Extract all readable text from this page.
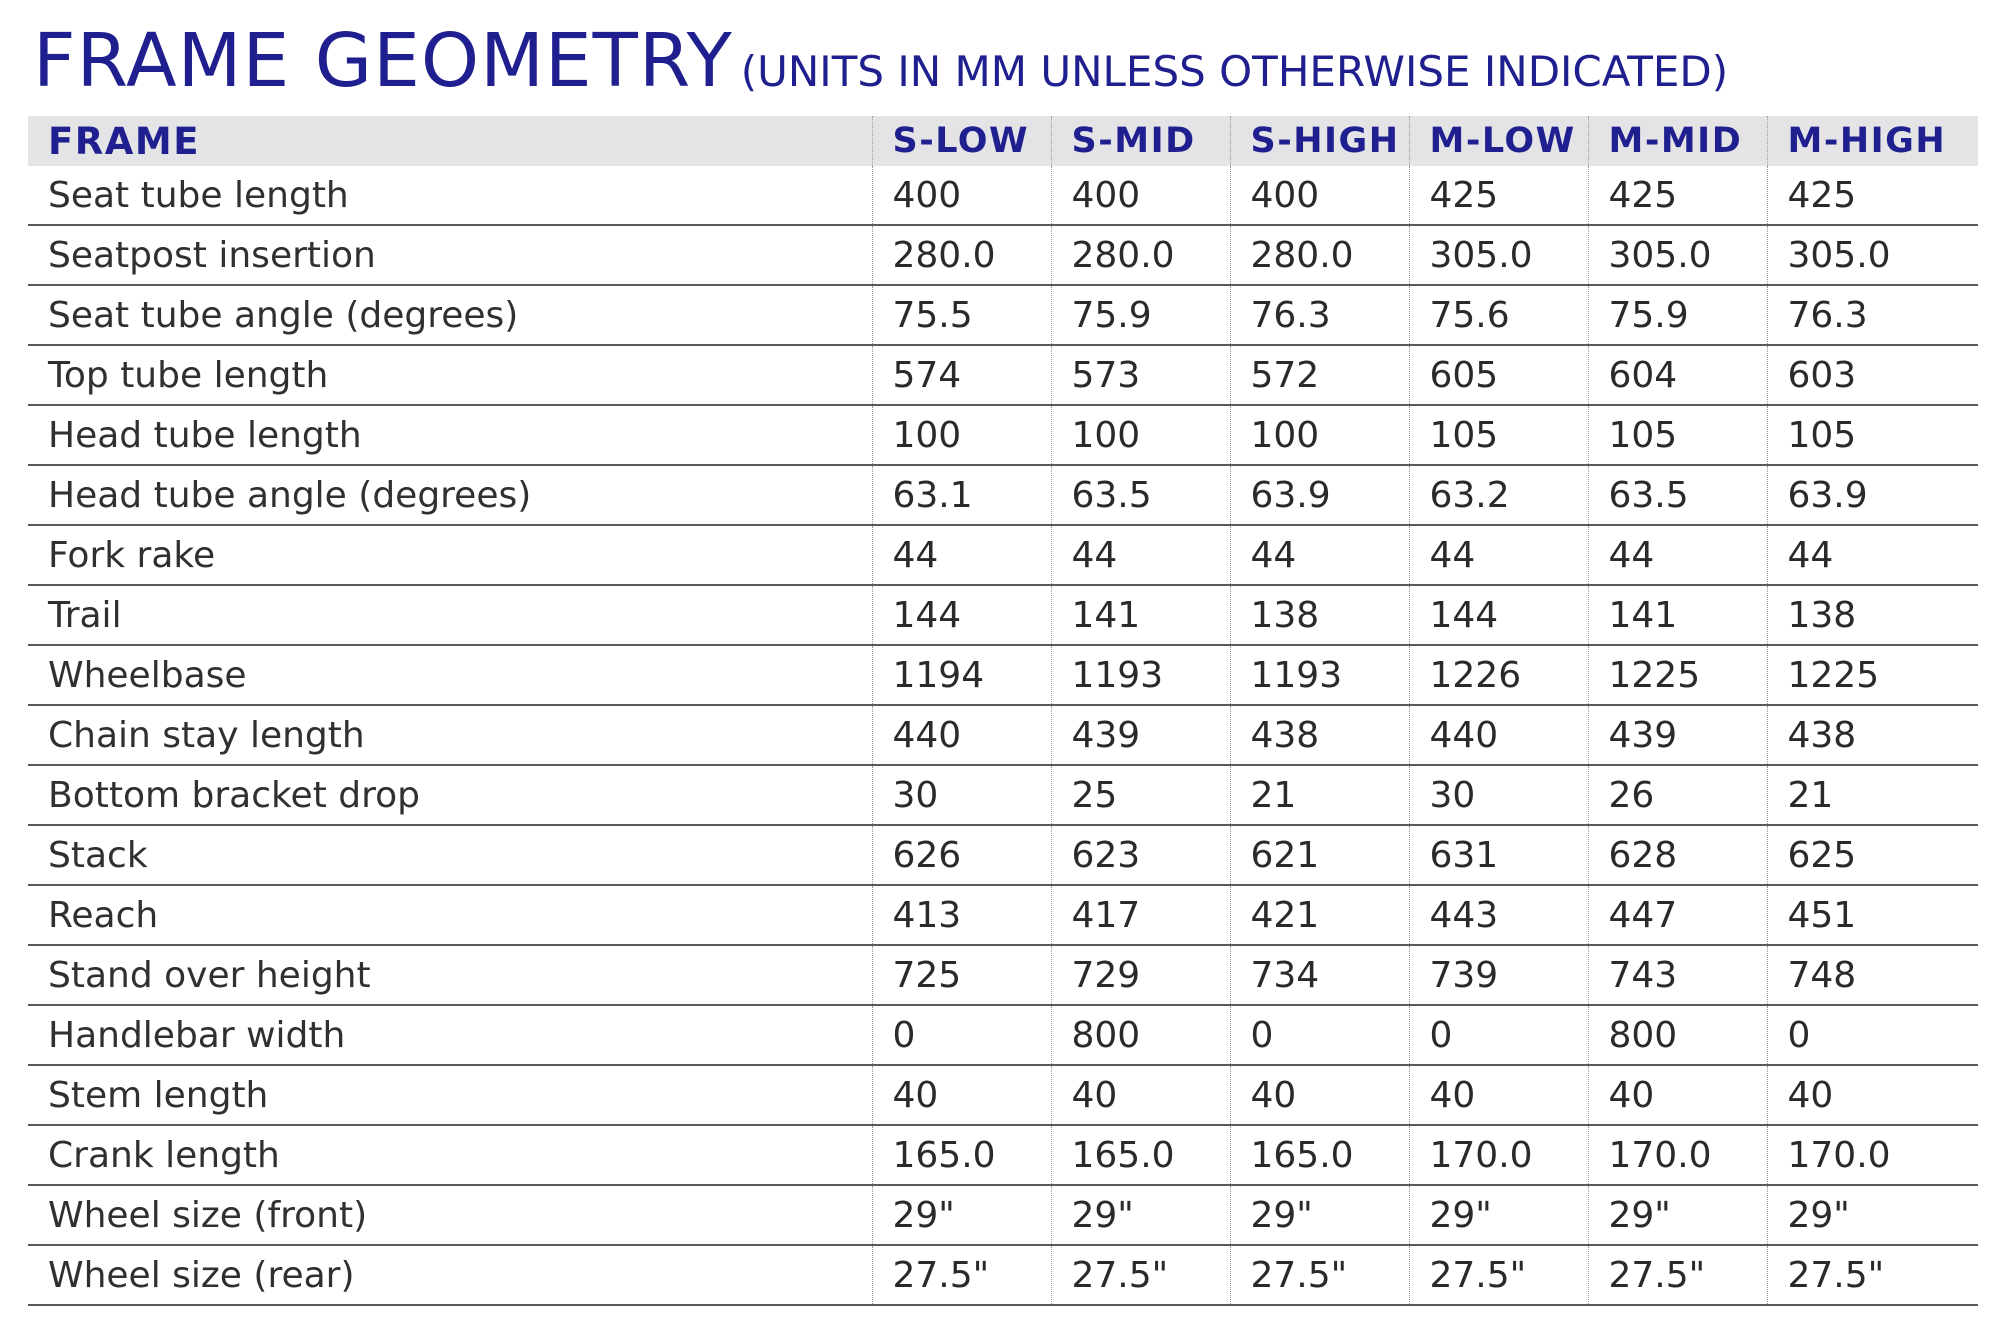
FRAME GEOMETRY (UNITS IN MM UNLESS OTHERWISE INDICATED)
FRAME	S-LOW	S-MID	S-HIGH	M-LOW	M-MID	M-HIGH
Seat tube length	400	400	400	425	425	425
Seatpost insertion	280.0	280.0	280.0	305.0	305.0	305.0
Seat tube angle (degrees)	75.5	75.9	76.3	75.6	75.9	76.3
Top tube length	574	573	572	605	604	603
Head tube length	100	100	100	105	105	105
Head tube angle (degrees)	63.1	63.5	63.9	63.2	63.5	63.9
Fork rake	44	44	44	44	44	44
Trail	144	141	138	144	141	138
Wheelbase	1194	1193	1193	1226	1225	1225
Chain stay length	440	439	438	440	439	438
Bottom bracket drop	30	25	21	30	26	21
Stack	626	623	621	631	628	625
Reach	413	417	421	443	447	451
Stand over height	725	729	734	739	743	748
Handlebar width	0	800	0	0	800	0
Stem length	40	40	40	40	40	40
Crank length	165.0	165.0	165.0	170.0	170.0	170.0
Wheel size (front)	29"	29"	29"	29"	29"	29"
Wheel size (rear)	27.5"	27.5"	27.5"	27.5"	27.5"	27.5"
